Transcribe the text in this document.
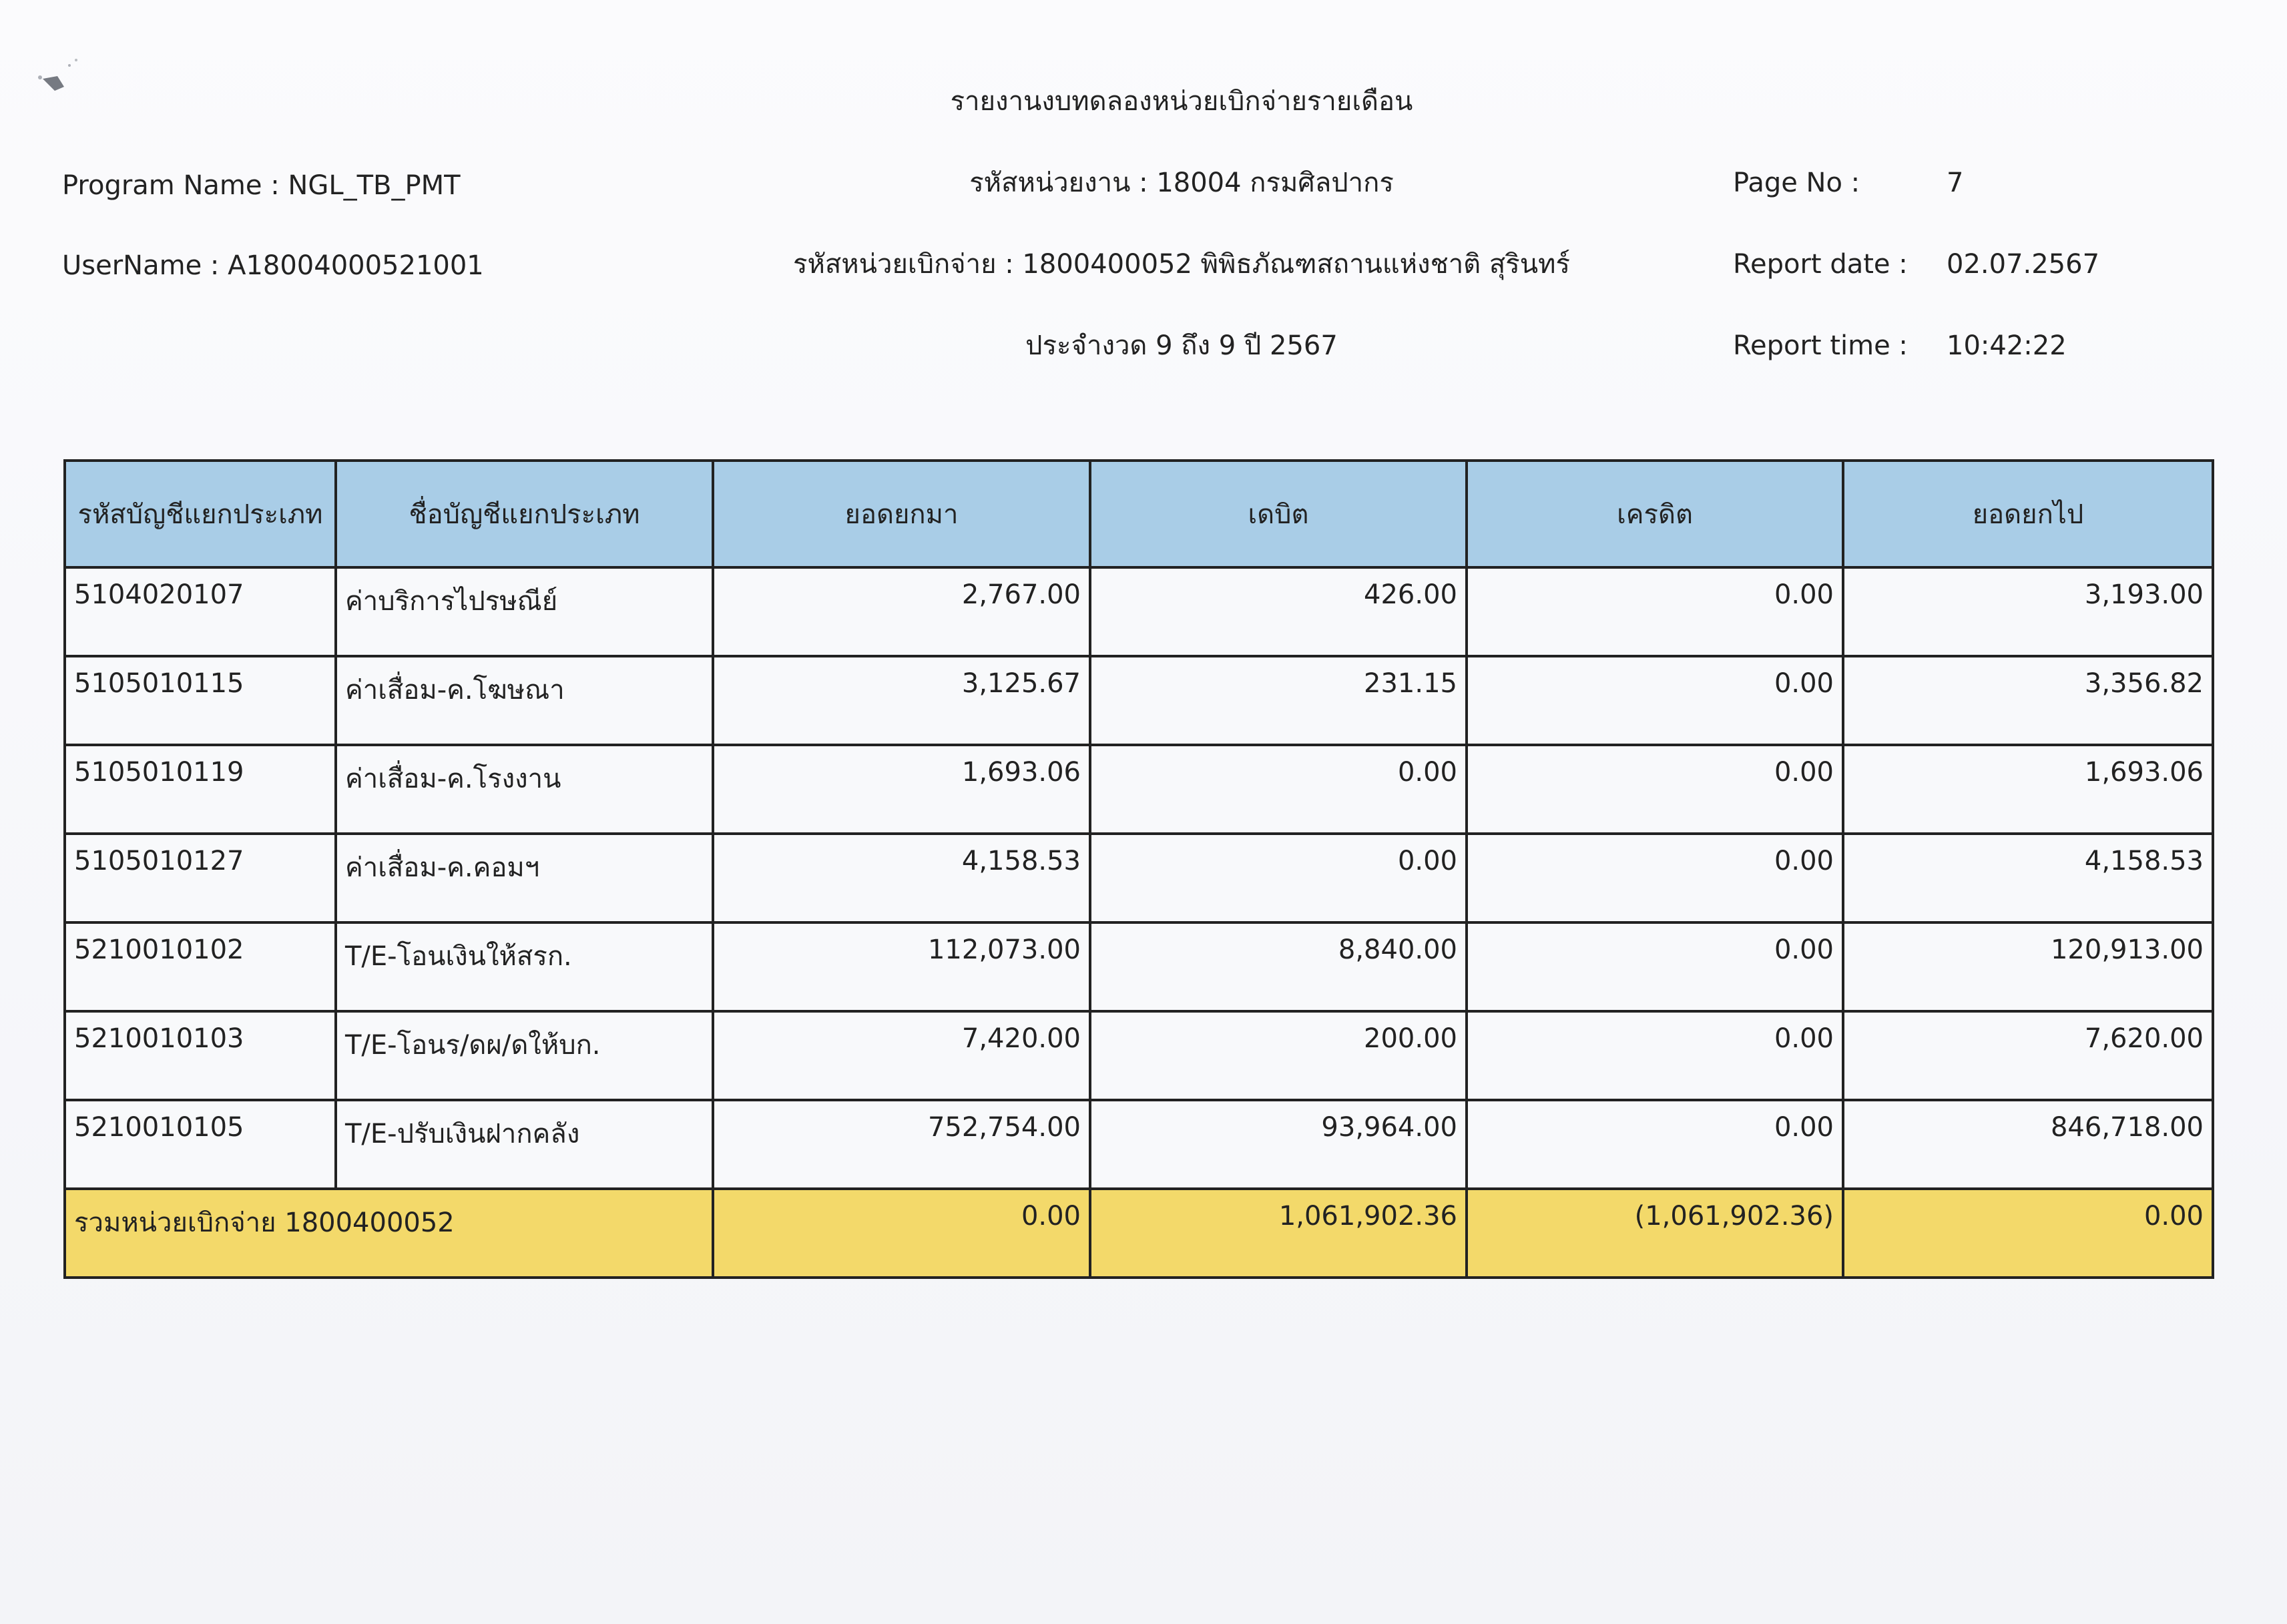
รายงานงบทดลองหน่วยเบิกจ่ายรายเดือน
Program Name : NGL_TB_PMT	รหัสหน่วยงาน : 18004 กรมศิลปากร	Page No :	7
UserName : A18004000521001	รหัสหน่วยเบิกจ่าย : 1800400052 พิพิธภัณฑสถานแห่งชาติ สุรินทร์	Report date : 02.07.2567
ประจำงวด 9 ถึง 9 ปี 2567	Report time : 10:42:22
รหัสบัญชีแยกประเภท	ชื่อบัญชีแยกประเภท	ยอดยกมา	เดบิต	เครดิต	ยอดยกไป
5104020107	ค่าบริการไปรษณีย์	2,767.00	426.00	0.00	3,193.00
5105010115	ค่าเสื่อม-ค.โฆษณา	3,125.67	231.15	0.00	3,356.82
5105010119	ค่าเสื่อม-ค.โรงงาน	1,693.06	0.00	0.00	1,693.06
5105010127	ค่าเสื่อม-ค.คอมฯ	4,158.53	0.00	0.00	4,158.53
5210010102	T/E-โอนเงินให้สรก.	112,073.00	8,840.00	0.00	120,913.00
5210010103	T/E-โอนร/ดผ/ดให้บก.	7,420.00	200.00	0.00	7,620.00
5210010105	T/E-ปรับเงินฝากคลัง	752,754.00	93,964.00	0.00	846,718.00
รวมหน่วยเบิกจ่าย 1800400052		0.00	1,061,902.36	(1,061,902.36)	0.00
